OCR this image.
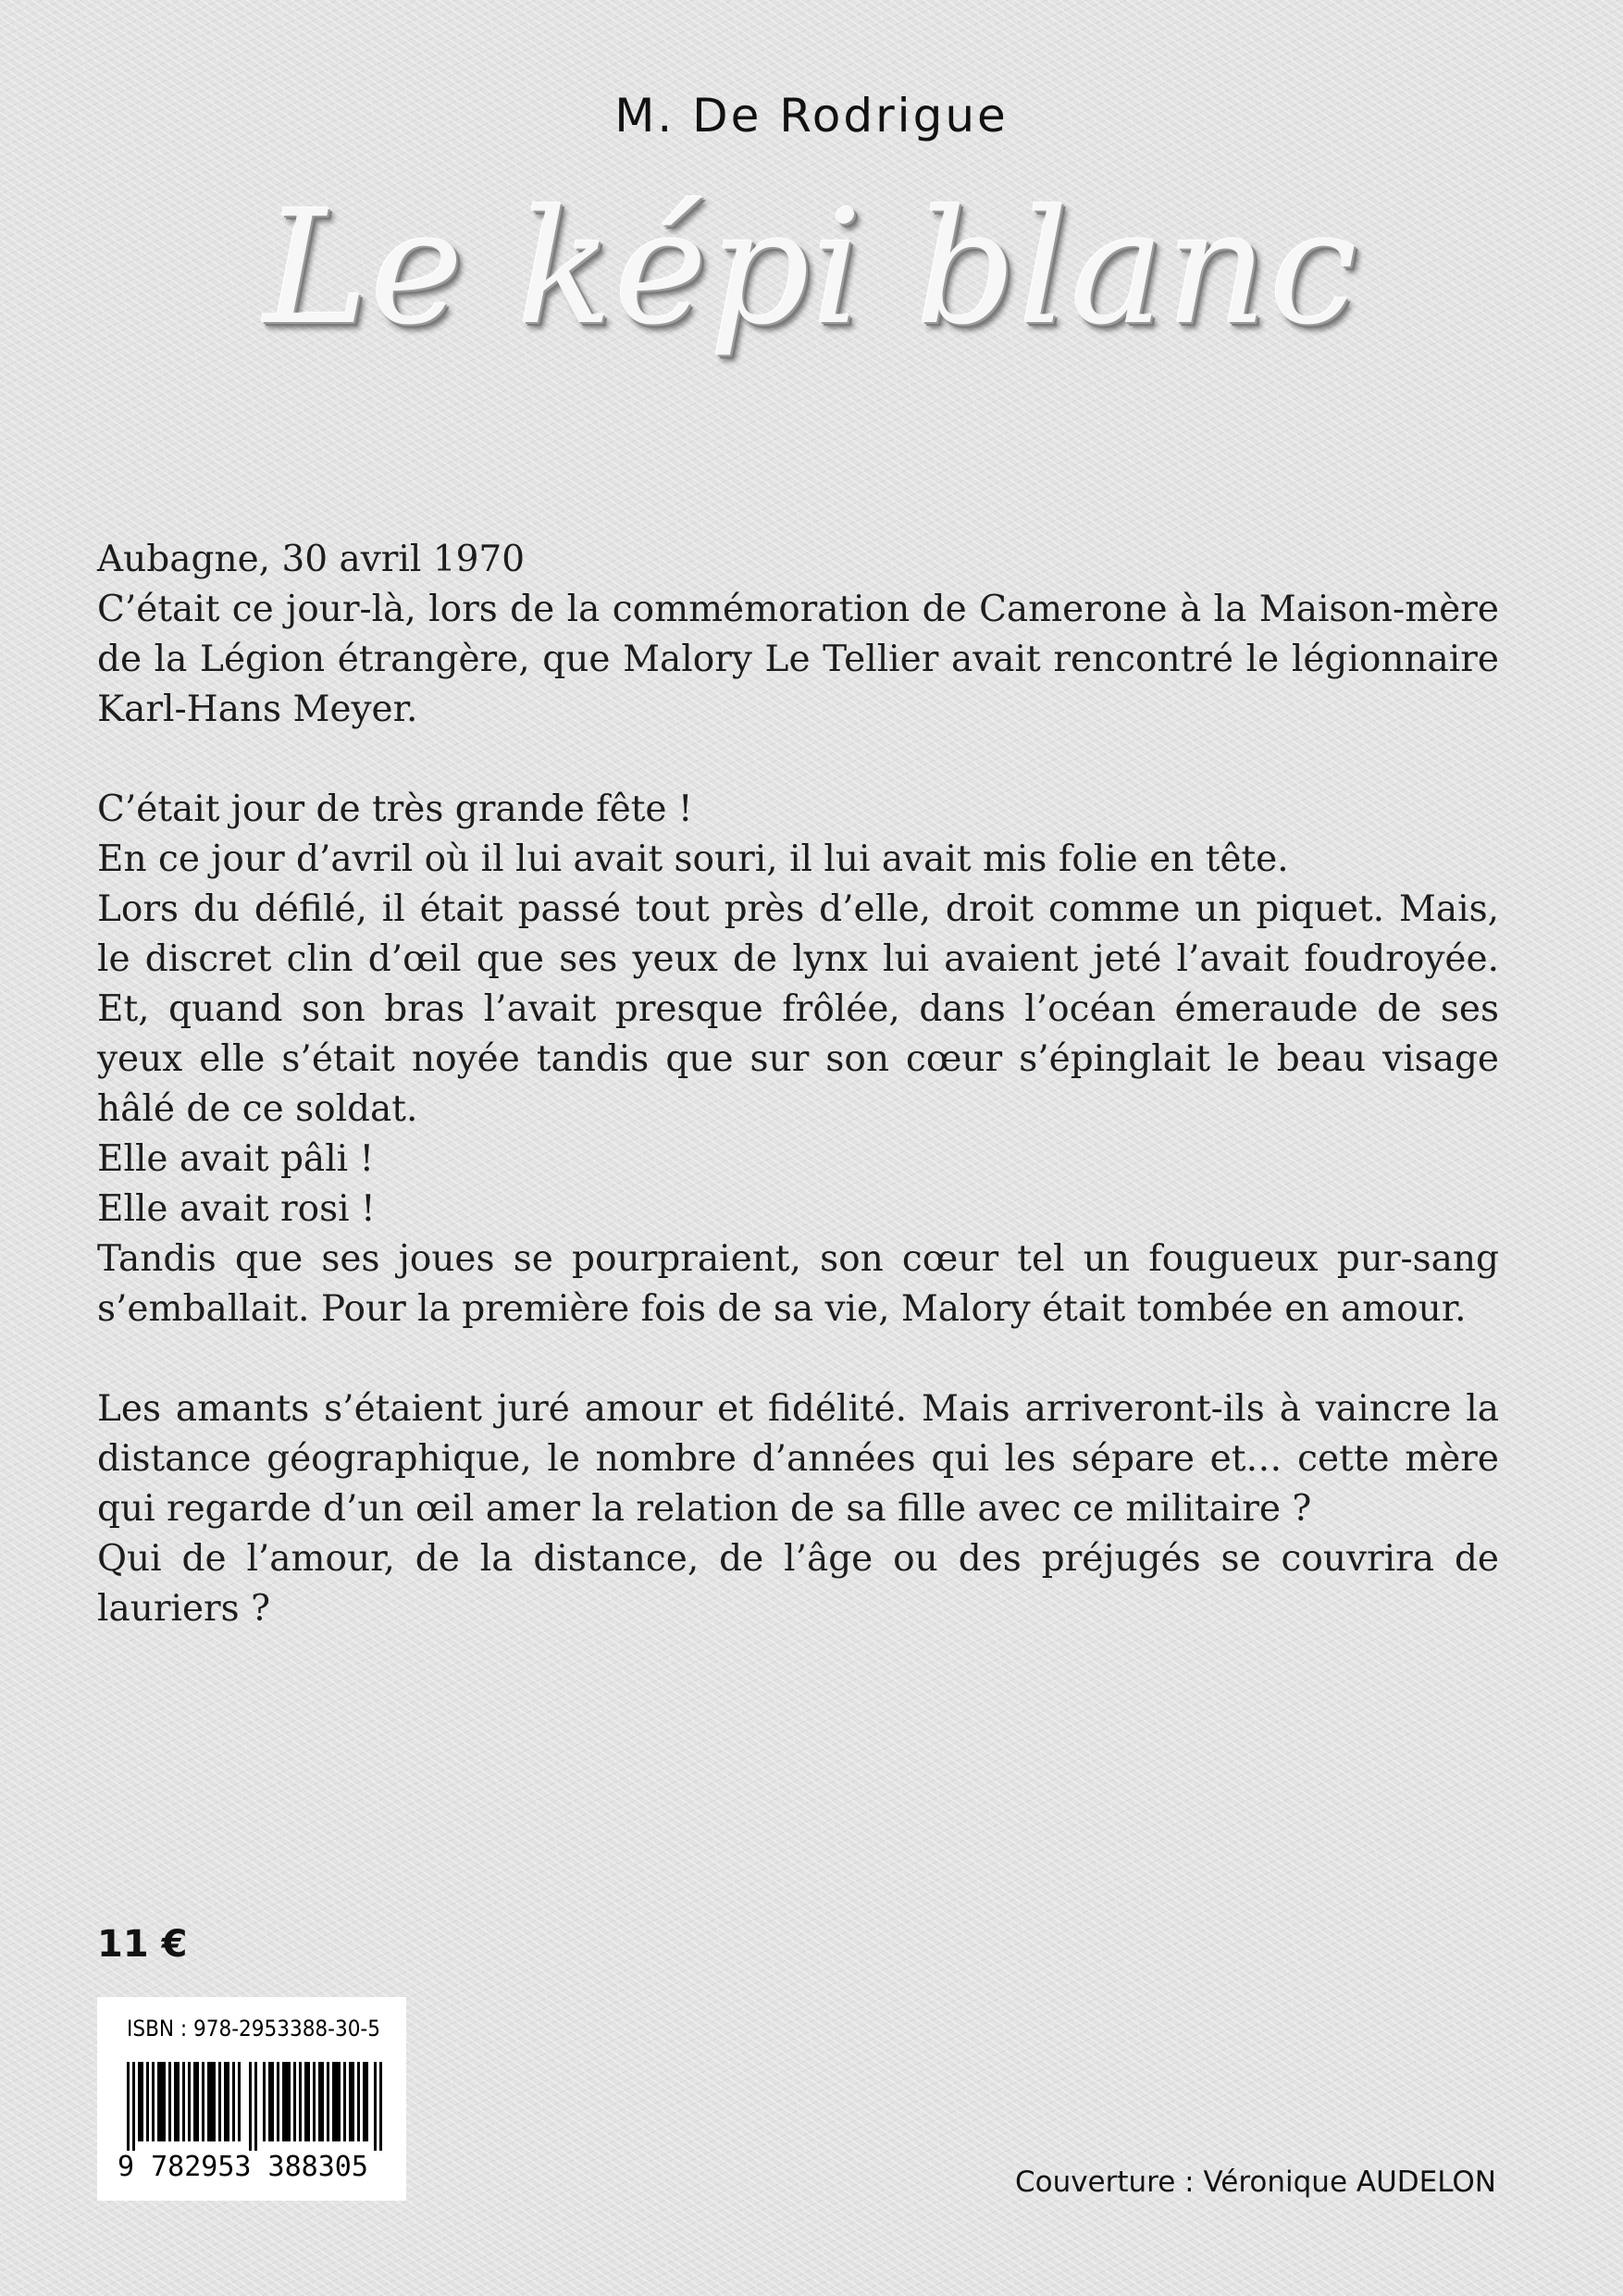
M. De Rodrigue
Le képi blanc

Aubagne, 30 avril 1970

C’était ce jour-là, lors de la commémoration de Camerone à la Maison-mère de la Légion étrangère, que Malory Le Tellier avait rencontré le légionnaire Karl-Hans Meyer.

C’était jour de très grande fête !

En ce jour d’avril où il lui avait souri, il lui avait mis folie en tête.

Lors du défilé, il était passé tout près d’elle, droit comme un piquet. Mais, le discret clin d’œil que ses yeux de lynx lui avaient jeté l’avait foudroyée. Et, quand son bras l’avait presque frôlée, dans l’océan émeraude de ses yeux elle s’était noyée tandis que sur son cœur s’épinglait le beau visage hâlé de ce soldat.

Elle avait pâli !

Elle avait rosi !

Tandis que ses joues se pourpraient, son cœur tel un fougueux pur-sang s’emballait. Pour la première fois de sa vie, Malory était tombée en amour.

Les amants s’étaient juré amour et fidélité. Mais arriveront-ils à vaincre la distance géographique, le nombre d’années qui les sépare et… cette mère qui regarde d’un œil amer la relation de sa fille avec ce militaire ?

Qui de l’amour, de la distance, de l’âge ou des préjugés se couvrira de lauriers ?

11 €
ISBN : 978-2953388-30-5
9 782953 388305	Couverture : Véronique AUDELON
